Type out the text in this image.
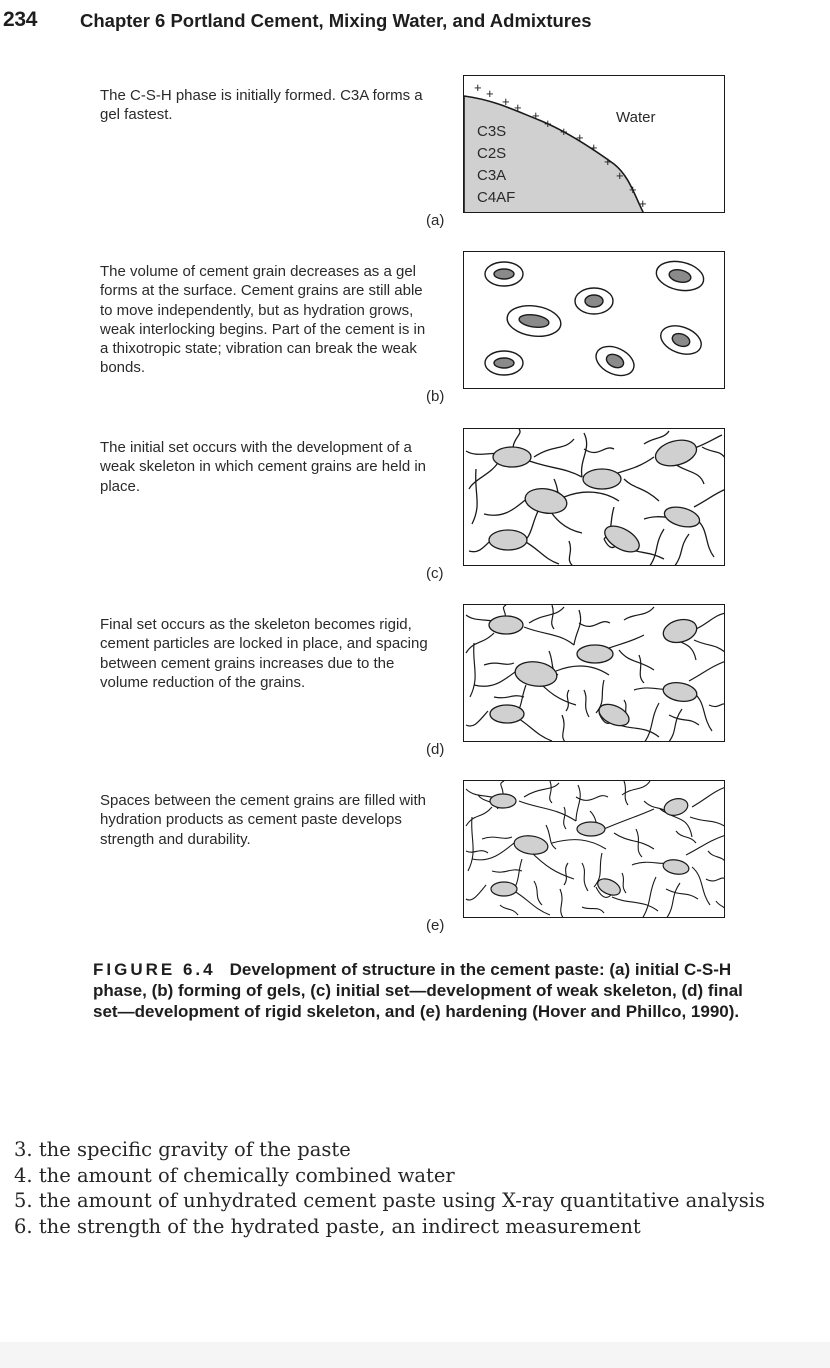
234 Chapter 6 Portland Cement, Mixing Water, and Admixtures
The C-S-H phase is initially formed. C3A forms a gel fastest.
(a)
+ +
+ +
+
+
+ +
+
+
+
+
+
Water
C3S
C2S
C3A
C4AF
The volume of cement grain decreases as a gel forms at the surface. Cement grains are still able to move independently, but as hydration grows, weak interlocking begins. Part of the cement is in a thixotropic state; vibration can break the weak bonds.
(b)
The initial set occurs with the development of a weak skeleton in which cement grains are held in place.
(c)
Final set occurs as the skeleton becomes rigid, cement particles are locked in place, and spacing between cement grains increases due to the volume reduction of the grains.
(d)
Spaces between the cement grains are filled with hydration products as cement paste develops strength and durability.
(e)
FIGURE 6.4 Development of structure in the cement paste: (a) initial C-S-H phase, (b) forming of gels, (c) initial set—development of weak skeleton, (d) final set—development of rigid skeleton, and (e) hardening (Hover and Phillco, 1990).
3. the specific gravity of the paste
4. the amount of chemically combined water
5. the amount of unhydrated cement paste using X-ray quantitative analysis
6. the strength of the hydrated paste, an indirect measurement
